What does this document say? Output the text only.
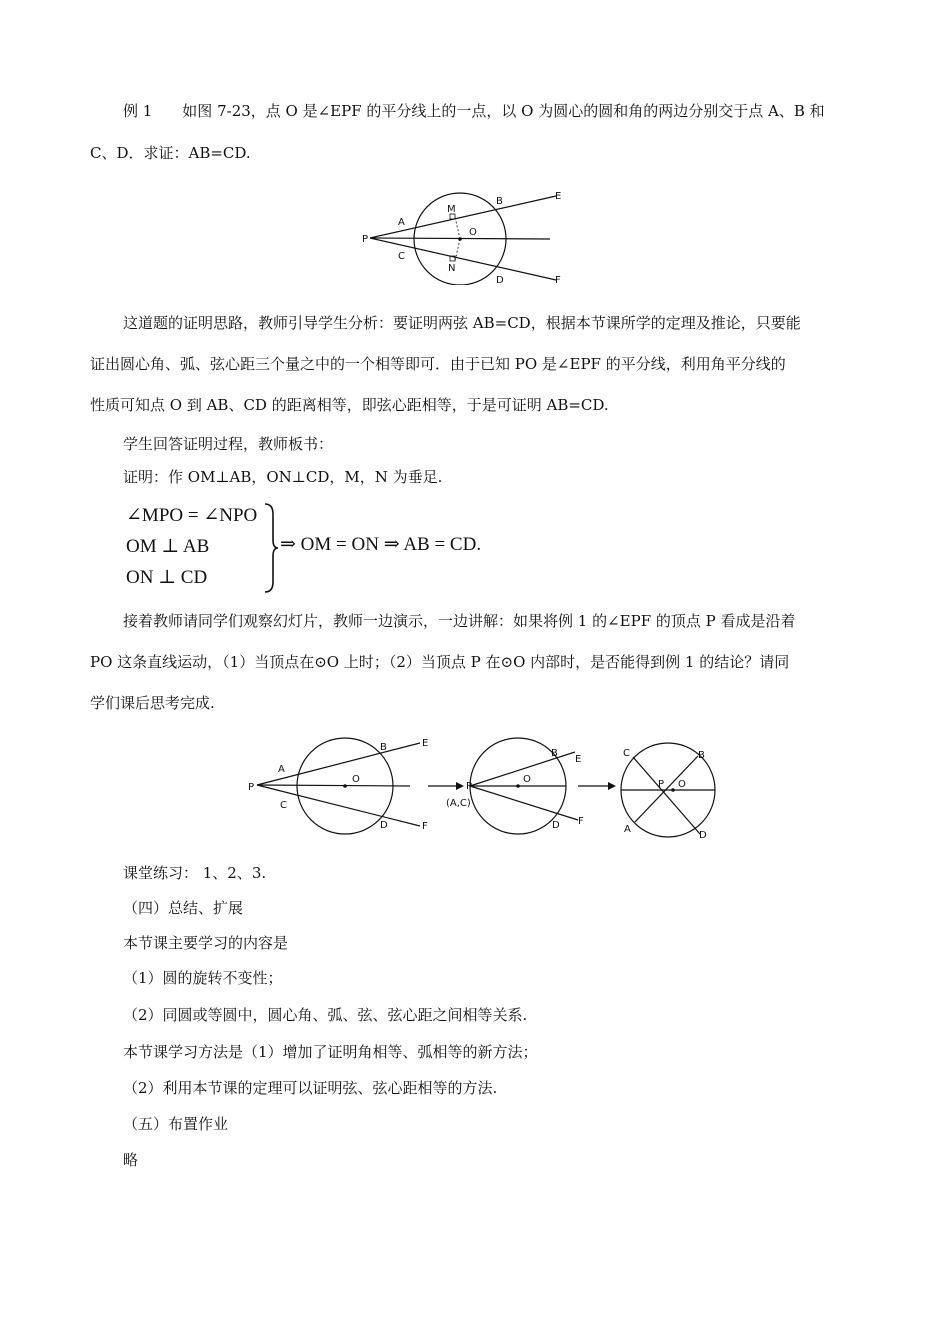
例 1　　如图 7-23，点 O 是∠EPF 的平分线上的一点，以 O 为圆心的圆和角的两边分别交于点 A、B 和
C、D．求证：AB=CD.
P
A
C
B
D
E
F
M
N
O
这道题的证明思路，教师引导学生分析：要证明两弦 AB=CD，根据本节课所学的定理及推论，只要能
证出圆心角、弧、弦心距三个量之中的一个相等即可．由于已知 PO 是∠EPF 的平分线，利用角平分线的
性质可知点 O 到 AB、CD 的距离相等，即弦心距相等，于是可证明 AB=CD.
学生回答证明过程，教师板书：
证明：作 OM⊥AB，ON⊥CD，M，N 为垂足.
∠MPO = ∠NPO
OM ⊥ AB
ON ⊥ CD
⇒ OM = ON ⇒ AB = CD.
接着教师请同学们观察幻灯片，教师一边演示，一边讲解：如果将例 1 的∠EPF 的顶点 P 看成是沿着
PO 这条直线运动，（1）当顶点在⊙O 上时；（2）当顶点 P 在⊙O 内部时，是否能得到例 1 的结论？请同
学们课后思考完成.
P
A
C
B
D
E
F
O
P
(A,C)
B
D
E
F
O
C	B
A
D
P O
课堂练习： 1、2、3.
（四）总结、扩展
本节课主要学习的内容是
（1）圆的旋转不变性；
（2）同圆或等圆中，圆心角、弧、弦、弦心距之间相等关系.
本节课学习方法是（1）增加了证明角相等、弧相等的新方法；
（2）利用本节课的定理可以证明弦、弦心距相等的方法.
（五）布置作业
略
